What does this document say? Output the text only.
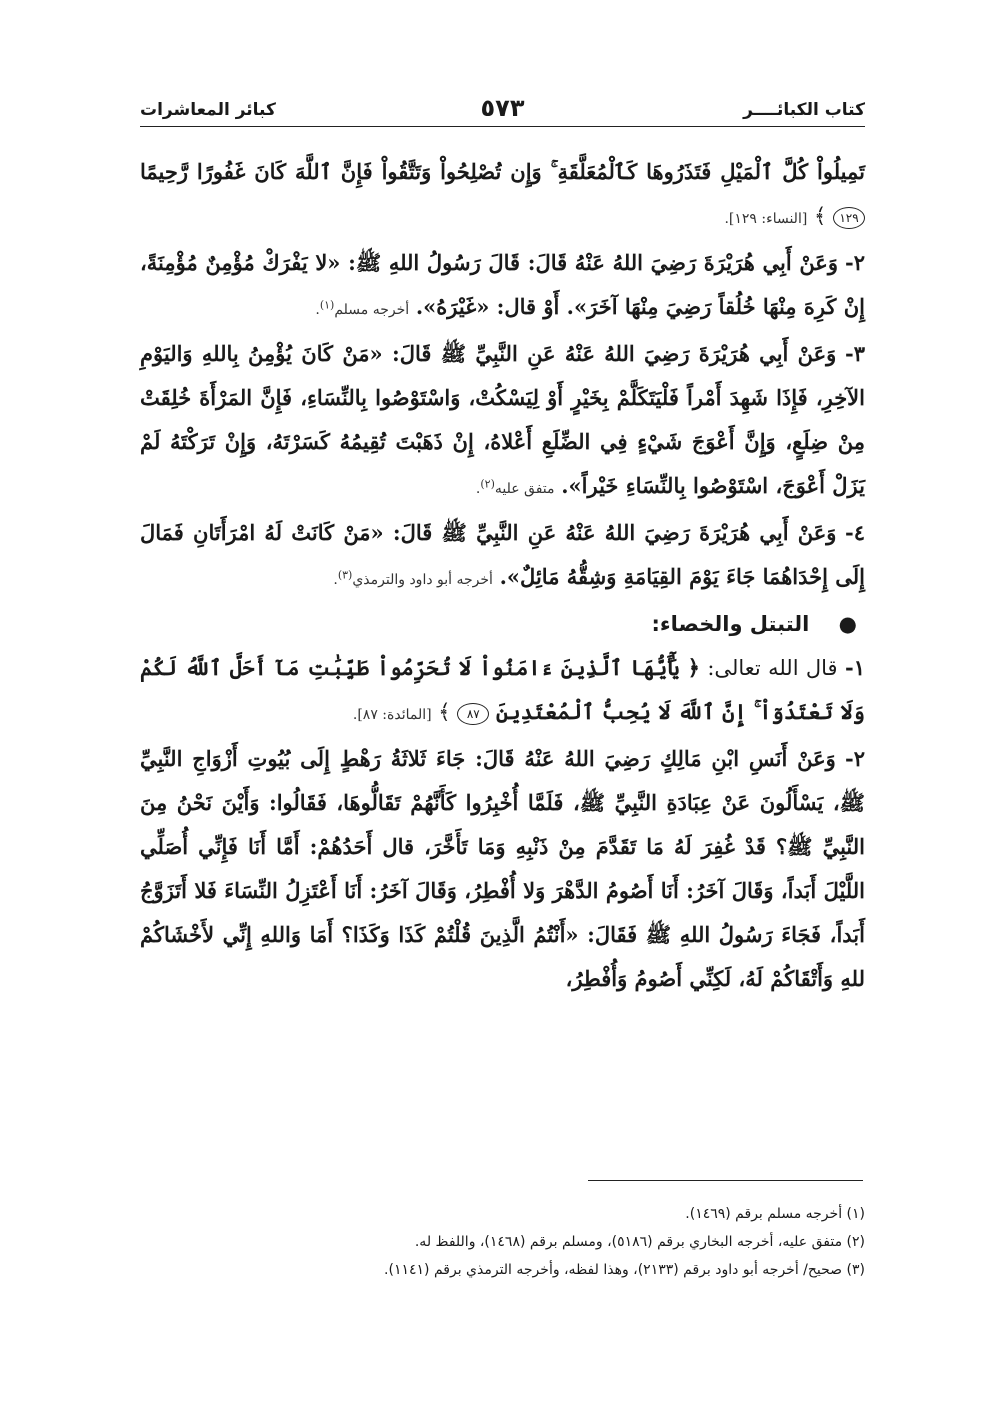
كتاب الكبائــــر
٥٧٣
كبائر المعاشرات

تَمِيلُواْ كُلَّ ٱلْمَيْلِ فَتَذَرُوهَا كَٱلْمُعَلَّقَةِ ۚ وَإِن تُصْلِحُواْ وَتَتَّقُواْ فَإِنَّ ٱللَّهَ كَانَ غَفُورًا رَّحِيمًا ١٢٩ ﴾ [النساء: ١٢٩].

٢- وَعَنْ أَبِي هُرَيْرَةَ رَضِيَ اللهُ عَنْهُ قَالَ: قَالَ رَسُولُ اللهِ ﷺ: «لا يَفْرَكْ مُؤْمِنٌ مُؤْمِنَةً، إِنْ كَرِهَ مِنْهَا خُلُقاً رَضِيَ مِنْهَا آخَرَ». أَوْ قال: «غَيْرَهُ». أخرجه مسلم$^{(١)}$.

٣- وَعَنْ أَبِي هُرَيْرَةَ رَضِيَ اللهُ عَنْهُ عَنِ النَّبِيِّ ﷺ قَالَ: «مَنْ كَانَ يُؤْمِنُ بِاللهِ وَاليَوْمِ الآخِرِ، فَإِذَا شَهِدَ أَمْراً فَلْيَتَكَلَّمْ بِخَيْرٍ أَوْ لِيَسْكُتْ، وَاسْتَوْصُوا بِالنِّسَاءِ، فَإِنَّ المَرْأَةَ خُلِقَتْ مِنْ ضِلَعٍ، وَإِنَّ أَعْوَجَ شَيْءٍ فِي الضِّلَعِ أَعْلاهُ، إِنْ ذَهَبْتَ تُقِيمُهُ كَسَرْتَهُ، وَإِنْ تَرَكْتَهُ لَمْ يَزَلْ أَعْوَجَ، اسْتَوْصُوا بِالنِّسَاءِ خَيْراً». متفق عليه$^{(٢)}$.

٤- وَعَنْ أَبِي هُرَيْرَةَ رَضِيَ اللهُ عَنْهُ عَنِ النَّبِيِّ ﷺ قَالَ: «مَنْ كَانَتْ لَهُ امْرَأَتَانِ فَمَالَ إِلَى إِحْدَاهُمَا جَاءَ يَوْمَ القِيَامَةِ وَشِقُّهُ مَائِلٌ». أخرجه أبو داود والترمذي$^{(٣)}$.

● التبتل والخصاء:

١- قال الله تعالى: ﴿ يَٰٓأَيُّهَا ٱلَّذِينَ ءَامَنُواْ لَا تُحَرِّمُواْ طَيِّبَٰتِ مَآ أَحَلَّ ٱللَّهُ لَكُمْ وَلَا تَعْتَدُوٓاْ ۚ إِنَّ ٱللَّهَ لَا يُحِبُّ ٱلْمُعْتَدِينَ ٨٧ ﴾ [المائدة: ٨٧].

٢- وَعَنْ أَنَسِ ابْنِ مَالِكٍ رَضِيَ اللهُ عَنْهُ قَالَ: جَاءَ ثَلاثَةُ رَهْطٍ إِلَى بُيُوتِ أَزْوَاجِ النَّبِيِّ ﷺ، يَسْأَلُونَ عَنْ عِبَادَةِ النَّبِيِّ ﷺ، فَلَمَّا أُخْبِرُوا كَأَنَّهُمْ تَقَالُّوهَا، فَقَالُوا: وَأَيْنَ نَحْنُ مِنَ النَّبِيِّ ﷺ؟ قَدْ غُفِرَ لَهُ مَا تَقَدَّمَ مِنْ ذَنْبِهِ وَمَا تَأَخَّرَ، قال أَحَدُهُمْ: أَمَّا أَنَا فَإِنِّي أُصَلِّي اللَّيْلَ أَبَداً، وَقَالَ آخَرُ: أَنَا أَصُومُ الدَّهْرَ وَلا أُفْطِرُ، وَقَالَ آخَرُ: أَنَا أَعْتَزِلُ النِّسَاءَ فَلا أَتَزَوَّجُ أَبَداً، فَجَاءَ رَسُولُ اللهِ ﷺ فَقَالَ: «أَنْتُمُ الَّذِينَ قُلْتُمْ كَذَا وَكَذَا؟ أَمَا وَاللهِ إِنِّي لأَخْشَاكُمْ للهِ وَأَتْقَاكُمْ لَهُ، لَكِنِّي أَصُومُ وَأُفْطِرُ،

(١) أخرجه مسلم برقم (١٤٦٩).

(٢) متفق عليه، أخرجه البخاري برقم (٥١٨٦)، ومسلم برقم (١٤٦٨)، واللفظ له.

(٣) صحيح/ أخرجه أبو داود برقم (٢١٣٣)، وهذا لفظه، وأخرجه الترمذي برقم (١١٤١).
